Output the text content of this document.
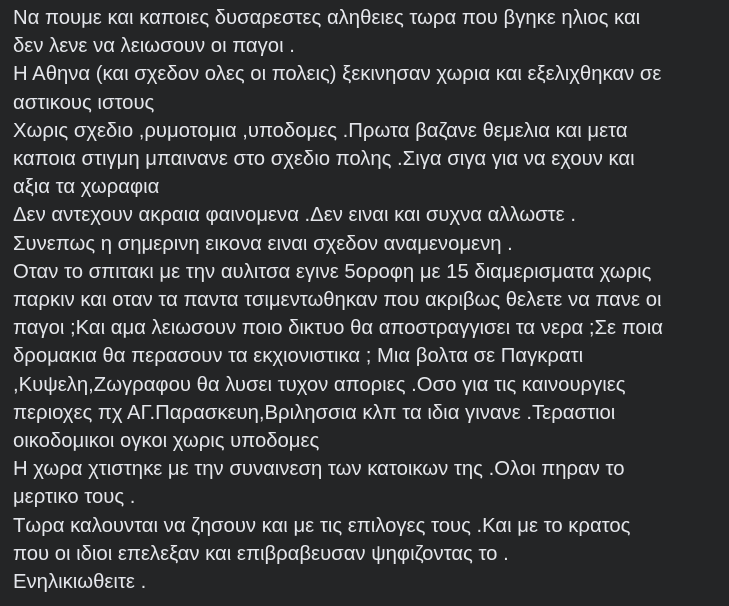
Να πουμε και καποιες δυσαρεστες αληθειες τωρα που βγηκε ηλιος και
δεν λενε να λειωσουν οι παγοι .
Η Αθηνα (και σχεδον ολες οι πολεις) ξεκινησαν χωρια και εξελιχθηκαν σε
αστικους ιστους
Χωρις σχεδιο ,ρυμοτομια ,υποδομες .Πρωτα βαζανε θεμελια και μετα
καποια στιγμη μπαινανε στο σχεδιο πολης .Σιγα σιγα για να εχουν και
αξια τα χωραφια
Δεν αντεχουν ακραια φαινομενα .Δεν ειναι και συχνα αλλωστε .
Συνεπως η σημερινη εικονα ειναι σχεδον αναμενομενη .
Οταν το σπιτακι με την αυλιτσα εγινε 5οροφη με 15 διαμερισματα χωρις
παρκιν και οταν τα παντα τσιμεντωθηκαν που ακριβως θελετε να πανε οι
παγοι ;Και αμα λειωσουν ποιο δικτυο θα αποστραγγισει τα νερα ;Σε ποια
δρομακια θα περασουν τα εκχιονιστικα ; Μια βολτα σε Παγκρατι
,Κυψελη,Ζωγραφου θα λυσει τυχον αποριες .Οσο για τις καινουργιες
περιοχες πχ ΑΓ.Παρασκευη,Βριλησσια κλπ τα ιδια γινανε .Τεραστιοι
οικοδομικοι ογκοι χωρις υποδομες
Η χωρα χτιστηκε με την συναινεση των κατοικων της .Ολοι πηραν το
μερτικο τους .
Τωρα καλουνται να ζησουν και με τις επιλογες τους .Και με το κρατος
που οι ιδιοι επελεξαν και επιβραβευσαν ψηφιζοντας το .
Ενηλικιωθειτε .
